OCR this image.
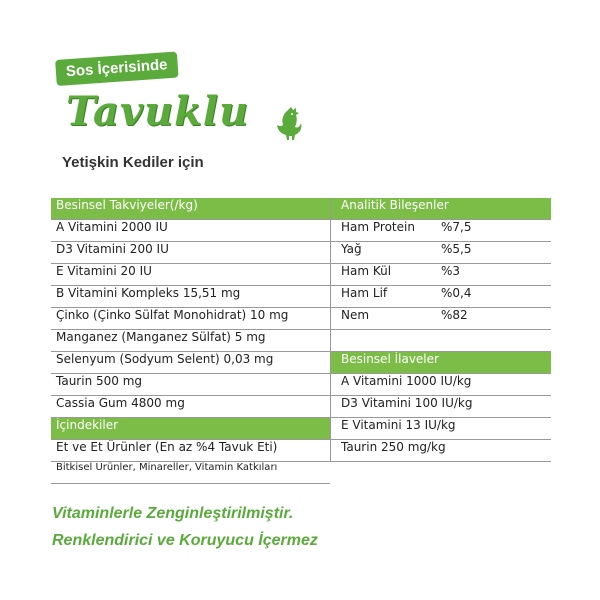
Sos İçerisinde
Tavuklu
Yetişkin Kediler için
Besinsel Takviyeler(/kg)
A Vitamini 2000 IU
D3 Vitamini 200 IU
E Vitamini 20 IU
B Vitamini Kompleks 15,51 mg
Çinko (Çinko Sülfat Monohidrat) 10 mg
Manganez (Manganez Sülfat) 5 mg
Selenyum (Sodyum Selent) 0,03 mg
Taurin 500 mg
Cassia Gum 4800 mg
İçindekiler
Et ve Et Ürünler (En az %4 Tavuk Eti)
Bitkisel Ürünler, Minareller, Vitamin Katkıları
Analitik Bileşenler
Ham Protein %7,5
Yağ	%5,5
Ham Kül	%3
Ham Lif	%0,4
Nem	%82
Besinsel İlaveler
A Vitamini 1000 IU/kg
D3 Vitamini 100 IU/kg
E Vitamini 13 IU/kg
Taurin 250 mg/kg
Vitaminlerle Zenginleştirilmiştir.
Renklendirici ve Koruyucu İçermez
